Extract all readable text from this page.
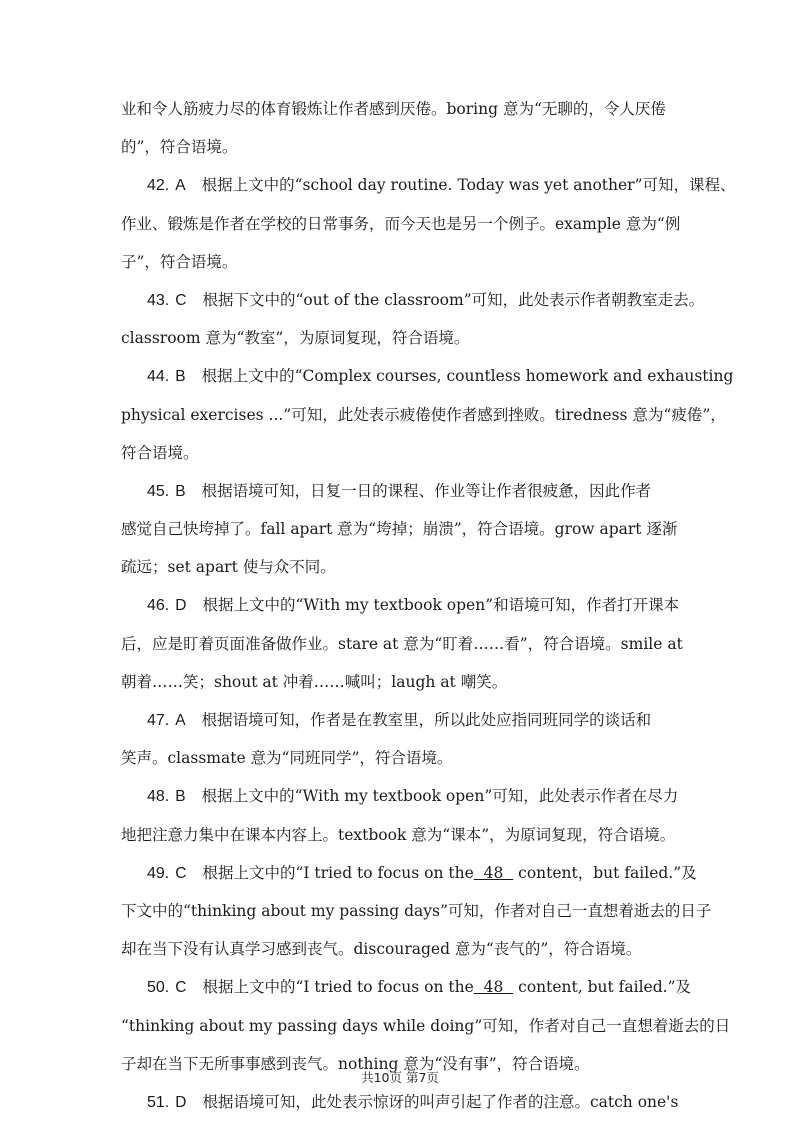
业和令人筋疲力尽的体育锻炼让作者感到厌倦。boring 意为“无聊的，令人厌倦
的”，符合语境。
42. A 根据上文中的“school day routine. Today was yet another”可知，课程、
作业、锻炼是作者在学校的日常事务，而今天也是另一个例子。example 意为“例
子”，符合语境。
43. C 根据下文中的“out of the classroom”可知，此处表示作者朝教室走去。
classroom 意为“教室”，为原词复现，符合语境。
44. B 根据上文中的“Complex courses, countless homework and exhausting
physical exercises ...”可知，此处表示疲倦使作者感到挫败。tiredness 意为“疲倦”，
符合语境。
45. B 根据语境可知，日复一日的课程、作业等让作者很疲惫，因此作者
感觉自己快垮掉了。fall apart 意为“垮掉；崩溃”，符合语境。grow apart 逐渐
疏远；set apart 使与众不同。
46. D 根据上文中的“With my textbook open”和语境可知，作者打开课本
后，应是盯着页面准备做作业。stare at 意为“盯着……看”，符合语境。smile at
朝着……笑；shout at 冲着……喊叫；laugh at 嘲笑。
47. A 根据语境可知，作者是在教室里，所以此处应指同班同学的谈话和
笑声。classmate 意为“同班同学”，符合语境。
48. B 根据上文中的“With my textbook open”可知，此处表示作者在尽力
地把注意力集中在课本内容上。textbook 意为“课本”，为原词复现，符合语境。
49. C 根据上文中的“I tried to focus on the  48   content，but failed.”及
下文中的“thinking about my passing days”可知，作者对自己一直想着逝去的日子
却在当下没有认真学习感到丧气。discouraged 意为“丧气的”，符合语境。
50. C 根据上文中的“I tried to focus on the  48   content, but failed.”及
“thinking about my passing days while doing”可知，作者对自己一直想着逝去的日
子却在当下无所事事感到丧气。nothing 意为“没有事”，符合语境。
51. D 根据语境可知，此处表示惊讶的叫声引起了作者的注意。catch one's
共10页 第7页
